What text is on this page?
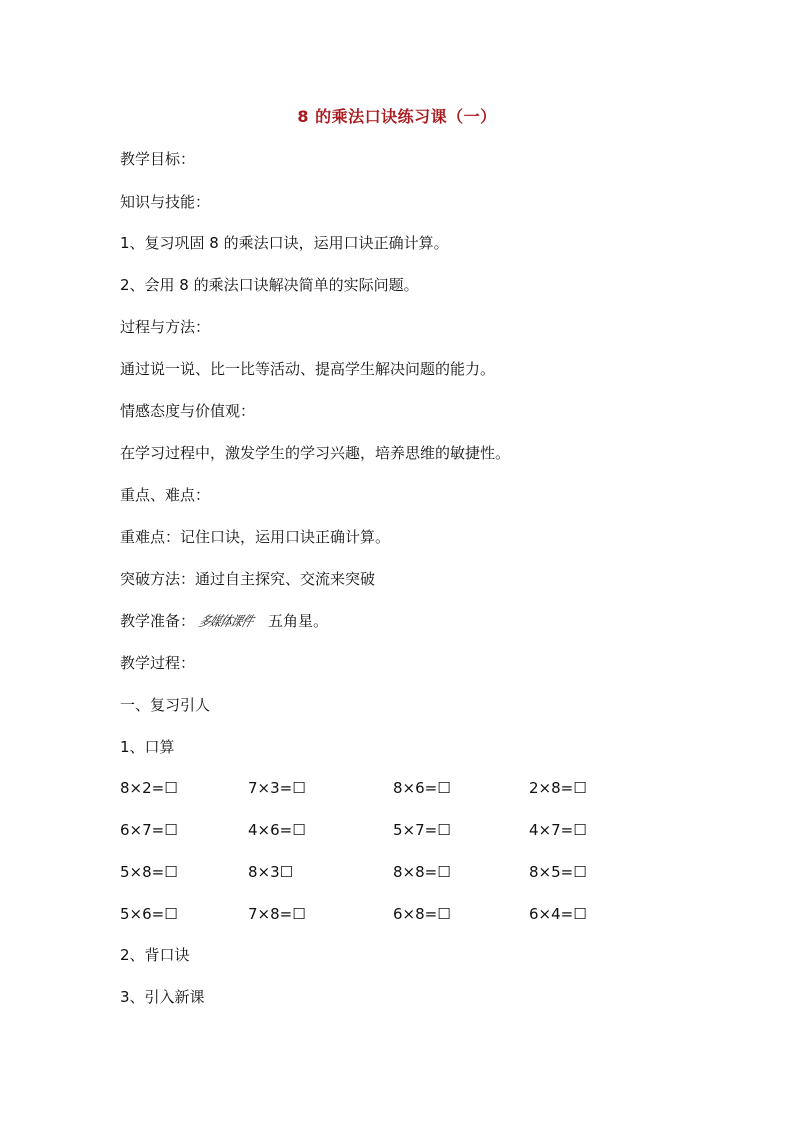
8 的乘法口诀练习课（一）
教学目标：
知识与技能：
1、复习巩固 8 的乘法口诀，运用口诀正确计算。
2、会用 8 的乘法口诀解决简单的实际问题。
过程与方法：
通过说一说、比一比等活动、提高学生解决问题的能力。
情感态度与价值观：
在学习过程中，激发学生的学习兴趣，培养思维的敏捷性。
重点、难点：
重难点：记住口诀，运用口诀正确计算。
突破方法：通过自主探究、交流来突破
教学准备：多媒体课件 五角星。
教学过程：
一、复习引人
1、口算
8×2=☐	7×3=☐	8×6=☐	2×8=☐
6×7=☐	4×6=☐	5×7=☐	4×7=☐
5×8=☐	8×3☐	8×8=☐	8×5=☐
5×6=☐	7×8=☐	6×8=☐	6×4=☐
2、背口诀
3、引入新课
